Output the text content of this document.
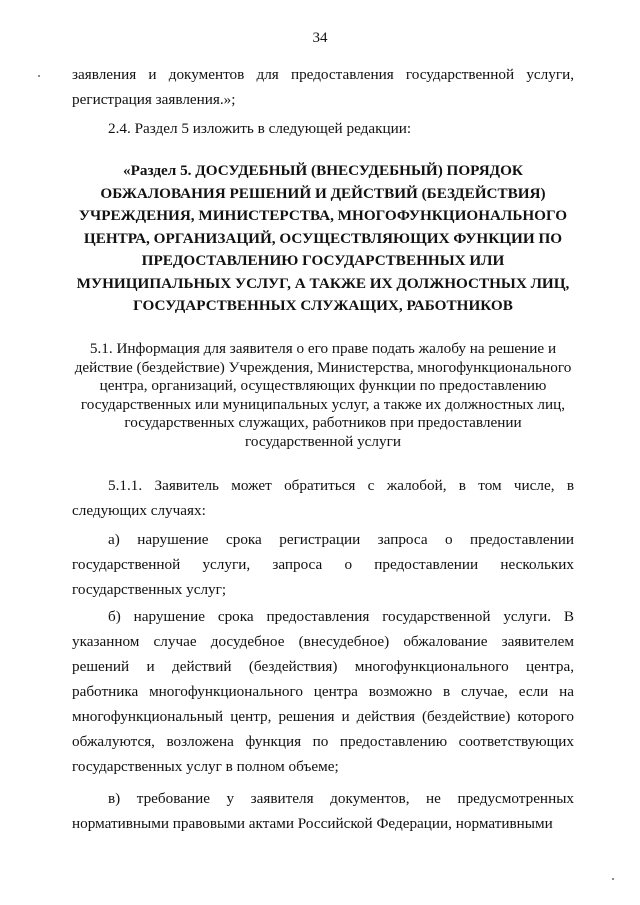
34

заявления и документов для предоставления государственной услуги, регистрация заявления.»;

2.4. Раздел 5 изложить в следующей редакции:

«Раздел 5. ДОСУДЕБНЫЙ (ВНЕСУДЕБНЫЙ) ПОРЯДОК ОБЖАЛОВАНИЯ РЕШЕНИЙ И ДЕЙСТВИЙ (БЕЗДЕЙСТВИЯ) УЧРЕЖДЕНИЯ, МИНИСТЕРСТВА, МНОГОФУНКЦИОНАЛЬНОГО ЦЕНТРА, ОРГАНИЗАЦИЙ, ОСУЩЕСТВЛЯЮЩИХ ФУНКЦИИ ПО ПРЕДОСТАВЛЕНИЮ ГОСУДАРСТВЕННЫХ ИЛИ МУНИЦИПАЛЬНЫХ УСЛУГ, А ТАКЖЕ ИХ ДОЛЖНОСТНЫХ ЛИЦ, ГОСУДАРСТВЕННЫХ СЛУЖАЩИХ, РАБОТНИКОВ
5.1. Информация для заявителя о его праве подать жалобу на решение и действие (бездействие) Учреждения, Министерства, многофункционального центра, организаций, осуществляющих функции по предоставлению государственных или муниципальных услуг, а также их должностных лиц, государственных служащих, работников при предоставлении государственной услуги

5.1.1. Заявитель может обратиться с жалобой, в том числе, в следующих случаях:

а) нарушение срока регистрации запроса о предоставлении государственной услуги, запроса о предоставлении нескольких государственных услуг;

б) нарушение срока предоставления государственной услуги. В указанном случае досудебное (внесудебное) обжалование заявителем решений и действий (бездействия) многофункционального центра, работника многофункционального центра возможно в случае, если на многофункциональный центр, решения и действия (бездействие) которого обжалуются, возложена функция по предоставлению соответствующих государственных услуг в полном объеме;

в) требование у заявителя документов, не предусмотренных нормативными правовыми актами Российской Федерации, нормативными
